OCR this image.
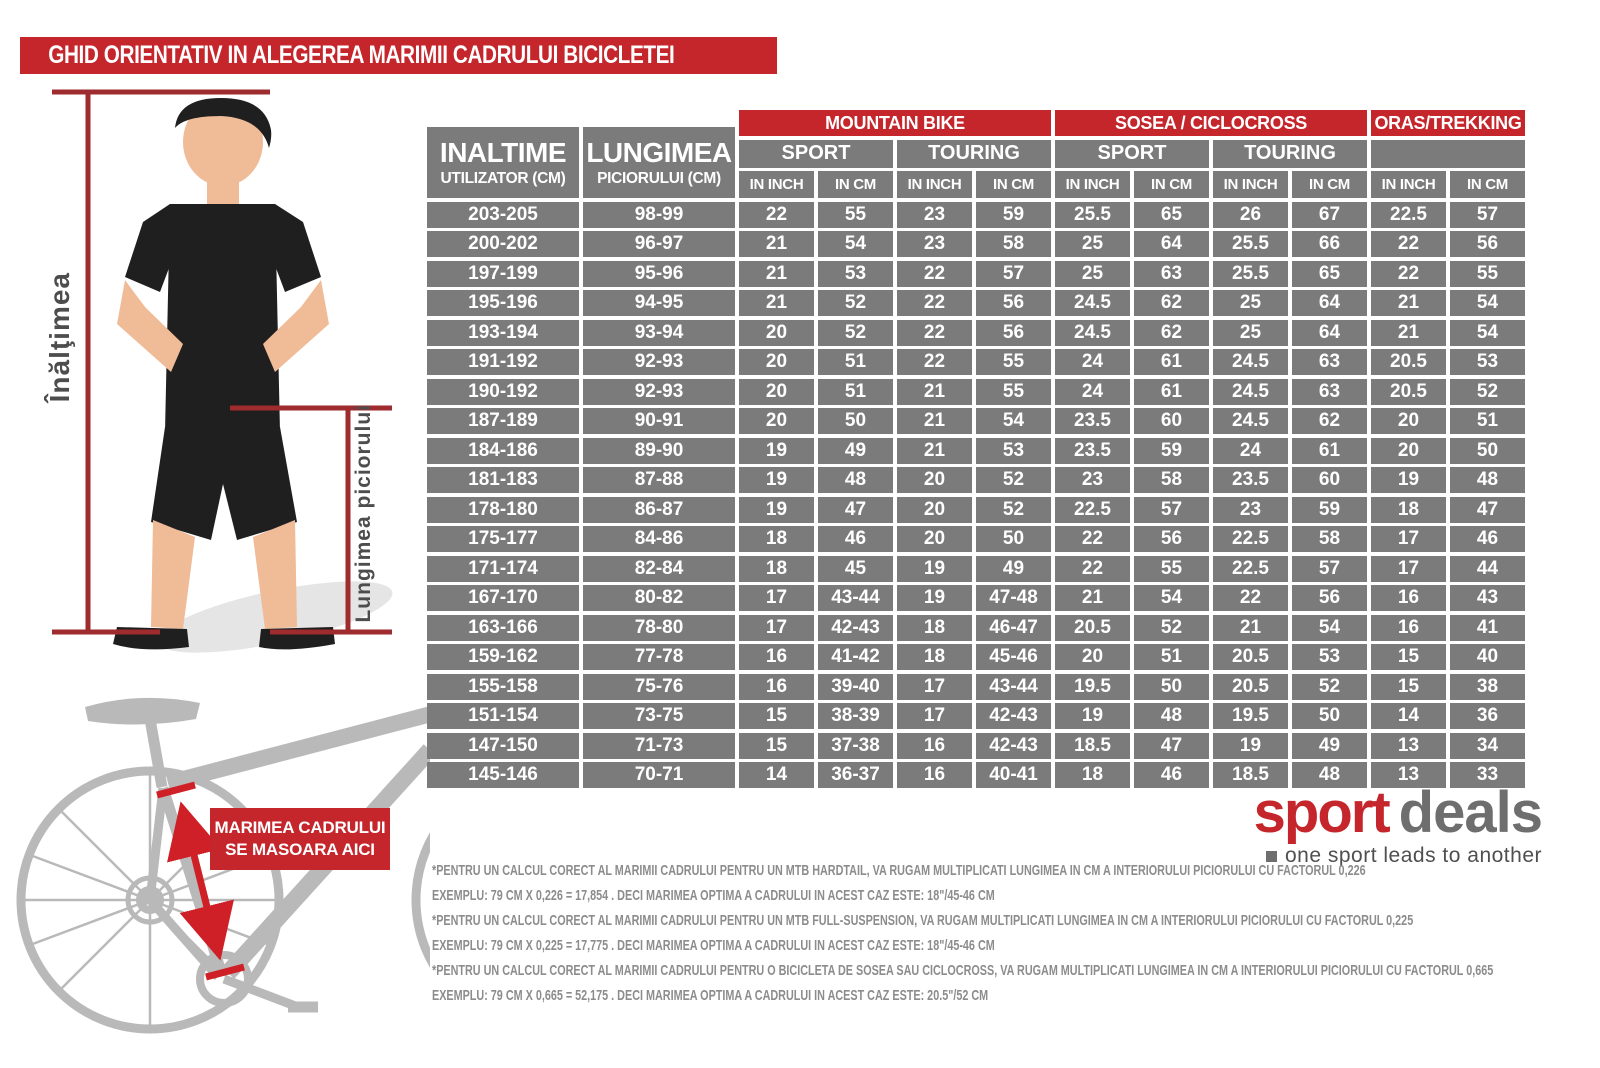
GHID ORIENTATIV IN ALEGEREA MARIMII CADRULUI BICICLETEI
Înălţimea
Lungimea piciorului
MARIMEA CADRULUI
SE MASOARA AICI
MOUNTAIN BIKE	SOSEA / CICLOCROSS	ORAS/TREKKING
INALTIME
UTILIZATOR (CM)
LUNGIMEA
PICIORULUI (CM)
SPORT	TOURING	SPORT	TOURING
IN INCH	IN CM	IN INCH	IN CM	IN INCH	IN CM	IN INCH	IN CM	IN INCH	IN CM
203-205	98-99	22	55	23	59	25.5	65	26	67	22.5	57
200-202	96-97	21	54	23	58	25	64	25.5	66	22	56
197-199	95-96	21	53	22	57	25	63	25.5	65	22	55
195-196	94-95	21	52	22	56	24.5	62	25	64	21	54
193-194	93-94	20	52	22	56	24.5	62	25	64	21	54
191-192	92-93	20	51	22	55	24	61	24.5	63	20.5	53
190-192	92-93	20	51	21	55	24	61	24.5	63	20.5	52
187-189	90-91	20	50	21	54	23.5	60	24.5	62	20	51
184-186	89-90	19	49	21	53	23.5	59	24	61	20	50
181-183	87-88	19	48	20	52	23	58	23.5	60	19	48
178-180	86-87	19	47	20	52	22.5	57	23	59	18	47
175-177	84-86	18	46	20	50	22	56	22.5	58	17	46
171-174	82-84	18	45	19	49	22	55	22.5	57	17	44
167-170	80-82	17	43-44	19	47-48	21	54	22	56	16	43
163-166	78-80	17	42-43	18	46-47	20.5	52	21	54	16	41
159-162	77-78	16	41-42	18	45-46	20	51	20.5	53	15	40
155-158	75-76	16	39-40	17	43-44	19.5	50	20.5	52	15	38
151-154	73-75	15	38-39	17	42-43	19	48	19.5	50	14	36
147-150	71-73	15	37-38	16	42-43	18.5	47	19	49	13	34
145-146	70-71	14	36-37	16	40-41	18	46	18.5	48	13	33
sport deals
one sport leads to another
*PENTRU UN CALCUL CORECT AL MARIMII CADRULUI PENTRU UN MTB HARDTAIL, VA RUGAM MULTIPLICATI LUNGIMEA IN CM A INTERIORULUI PICIORULUI CU FACTORUL 0,226
EXEMPLU: 79 CM X 0,226 = 17,854 . DECI MARIMEA OPTIMA A CADRULUI IN ACEST CAZ ESTE: 18"/45-46 CM
*PENTRU UN CALCUL CORECT AL MARIMII CADRULUI PENTRU UN MTB FULL-SUSPENSION, VA RUGAM MULTIPLICATI LUNGIMEA IN CM A INTERIORULUI PICIORULUI CU FACTORUL 0,225
EXEMPLU: 79 CM X 0,225 = 17,775 . DECI MARIMEA OPTIMA A CADRULUI IN ACEST CAZ ESTE: 18"/45-46 CM
*PENTRU UN CALCUL CORECT AL MARIMII CADRULUI PENTRU O BICICLETA DE SOSEA SAU CICLOCROSS, VA RUGAM MULTIPLICATI LUNGIMEA IN CM A INTERIORULUI PICIORULUI CU FACTORUL 0,665
EXEMPLU: 79 CM X 0,665 = 52,175 . DECI MARIMEA OPTIMA A CADRULUI IN ACEST CAZ ESTE: 20.5"/52 CM
